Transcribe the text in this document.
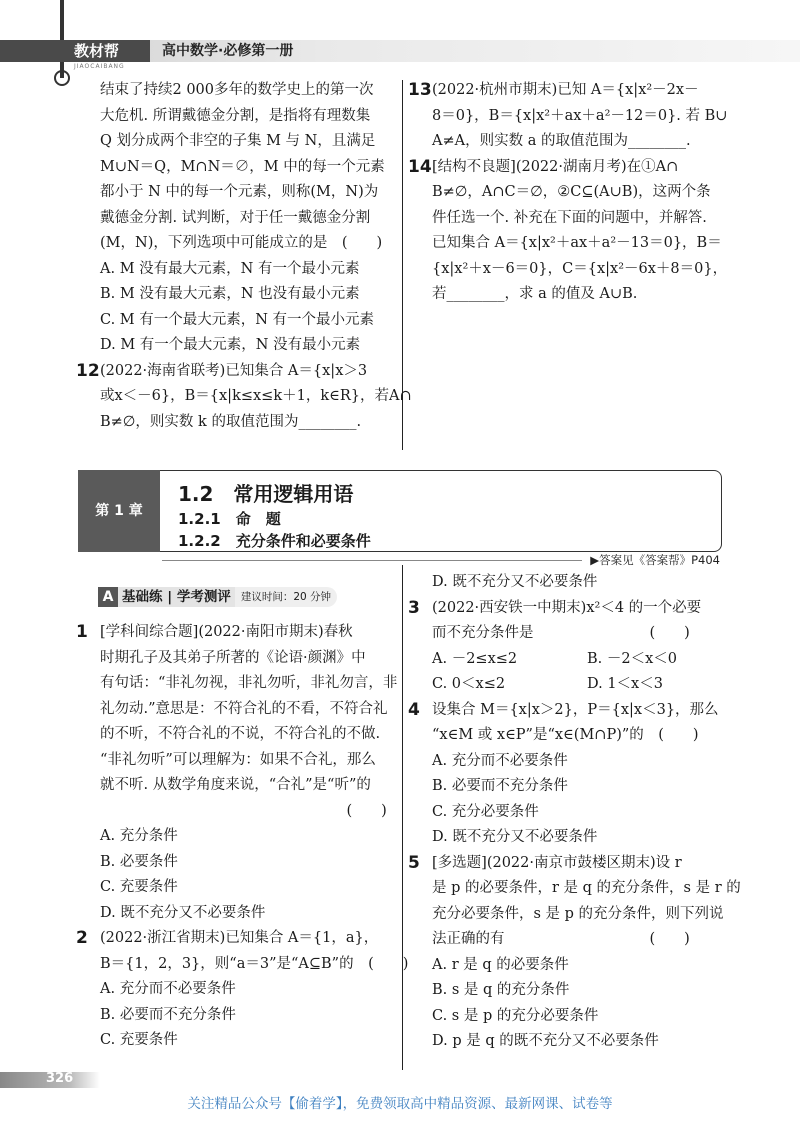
教材帮	高中数学·必修第一册
JIAOCAIBANG

结束了持续2 000多年的数学史上的第一次

大危机. 所谓戴德金分割，是指将有理数集

Q 划分成两个非空的子集 M 与 N，且满足

M∪N＝Q，M∩N＝∅，M 中的每一个元素

都小于 N 中的每一个元素，则称(M，N)为

戴德金分割. 试判断，对于任一戴德金分割

(M，N)，下列选项中可能成立的是　(　　)

A. M 没有最大元素，N 有一个最小元素

B. M 没有最大元素，N 也没有最小元素

C. M 有一个最大元素，N 有一个最小元素

D. M 有一个最大元素，N 没有最小元素

12 (2022·海南省联考)已知集合 A＝{x|x＞3

或x＜－6}，B＝{x|k≤x≤k＋1，k∈R}，若A∩

B≠∅，则实数 k 的取值范围为________.

13 (2022·杭州市期末)已知 A＝{x|x²－2x－

8＝0}，B＝{x|x²＋ax＋a²－12＝0}. 若 B∪

A≠A，则实数 a 的取值范围为________.

14 [结构不良题](2022·湖南月考)在①A∩

B≠∅，A∩C＝∅，②C⊆(A∪B)，这两个条

件任选一个. 补充在下面的问题中，并解答.

已知集合 A＝{x|x²＋ax＋a²－13＝0}，B＝

{x|x²＋x－6＝0}，C＝{x|x²－6x＋8＝0}，

若________，求 a 的值及 A∪B.

第 1 章
1.2　常用逻辑用语
1.2.1　命　题
1.2.2　充分条件和必要条件
▶答案见《答案帮》P404
A 基础练 | 学考测评 建议时间：20 分钟
1 [学科间综合题](2022·南阳市期末)春秋

时期孔子及其弟子所著的《论语·颜渊》中

有句话：“非礼勿视，非礼勿听，非礼勿言，非

礼勿动.”意思是：不符合礼的不看，不符合礼

的不听，不符合礼的不说，不符合礼的不做.

“非礼勿听”可以理解为：如果不合礼，那么

就不听. 从数学角度来说，“合礼”是“听”的

　　　　　　　　　　　　　　　　　(　　)

A. 充分条件

B. 必要条件

C. 充要条件

D. 既不充分又不必要条件

2 (2022·浙江省期末)已知集合 A＝{1，a}，

B＝{1，2，3}，则“a＝3”是“A⊆B”的　(　　)

A. 充分而不必要条件

B. 必要而不充分条件

C. 充要条件

D. 既不充分又不必要条件

3 (2022·西安铁一中期末)x²＜4 的一个必要

而不充分条件是　　　　　　　　(　　)

A. －2≤x≤2	B. －2＜x＜0

C. 0＜x≤2	D. 1＜x＜3

4 设集合 M＝{x|x＞2}，P＝{x|x＜3}，那么

“x∈M 或 x∈P”是“x∈(M∩P)”的　(　　)

A. 充分而不必要条件

B. 必要而不充分条件

C. 充分必要条件

D. 既不充分又不必要条件

5 [多选题](2022·南京市鼓楼区期末)设 r

是 p 的必要条件，r 是 q 的充分条件，s 是 r 的

充分必要条件，s 是 p 的充分条件，则下列说

法正确的有　　　　　　　　　　(　　)

A. r 是 q 的必要条件

B. s 是 q 的充分条件

C. s 是 p 的充分必要条件

D. p 是 q 的既不充分又不必要条件

326
关注精品公众号【偷着学】，免费领取高中精品资源、最新网课、试卷等
